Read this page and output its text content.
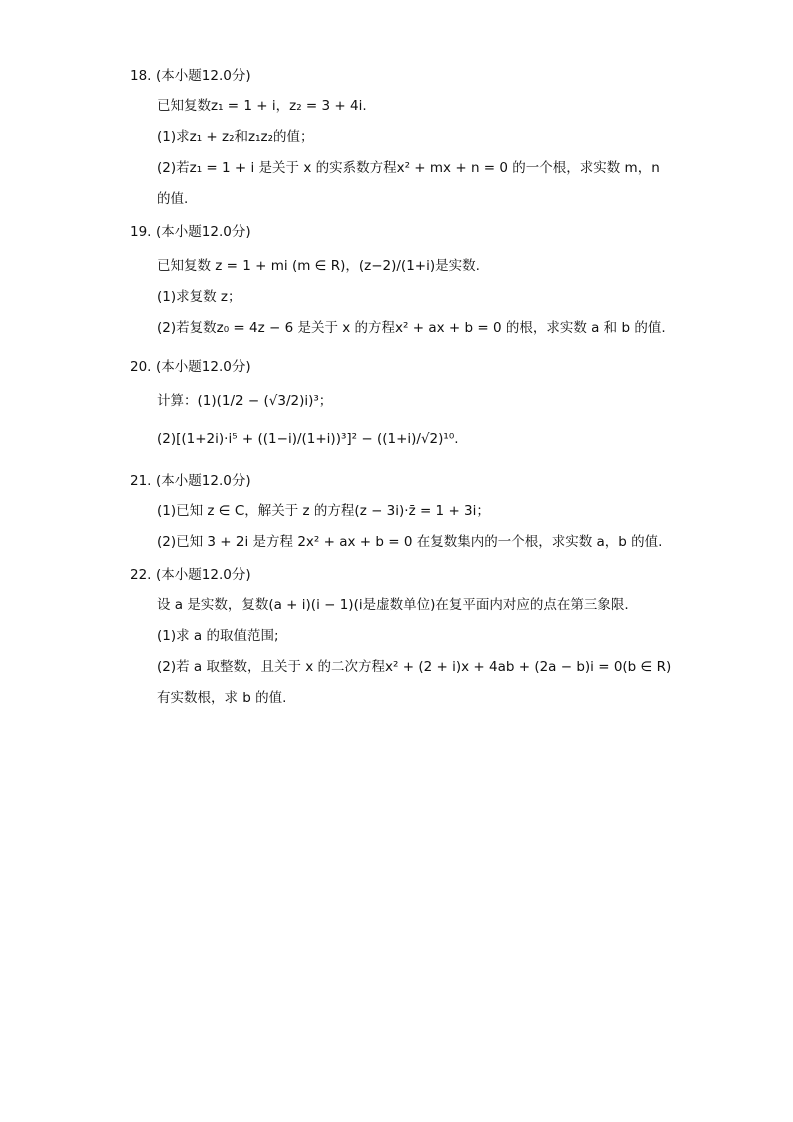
18. (本小题12.0分)
已知复数z₁ = 1 + i，z₂ = 3 + 4i.
(1)求z₁ + z₂和z₁z₂的值；
(2)若z₁ = 1 + i 是关于 x 的实系数方程x² + mx + n = 0 的一个根，求实数 m，n
的值.
19. (本小题12.0分)
已知复数 z = 1 + mi (m ∈ R)，(z−2)/(1+i)是实数.
(1)求复数 z；
(2)若复数z₀ = 4z − 6 是关于 x 的方程x² + ax + b = 0 的根，求实数 a 和 b 的值.
20. (本小题12.0分)
计算：(1)(1/2 − (√3/2)i)³；
(2)[(1+2i)·i⁵ + ((1−i)/(1+i))³]² − ((1+i)/√2)¹⁰.
21. (本小题12.0分)
(1)已知 z ∈ C，解关于 z 的方程(z − 3i)·z̄ = 1 + 3i；
(2)已知 3 + 2i 是方程 2x² + ax + b = 0 在复数集内的一个根，求实数 a，b 的值.
22. (本小题12.0分)
设 a 是实数，复数(a + i)(i − 1)(i是虚数单位)在复平面内对应的点在第三象限.
(1)求 a 的取值范围;
(2)若 a 取整数，且关于 x 的二次方程x² + (2 + i)x + 4ab + (2a − b)i = 0(b ∈ R)
有实数根，求 b 的值.
